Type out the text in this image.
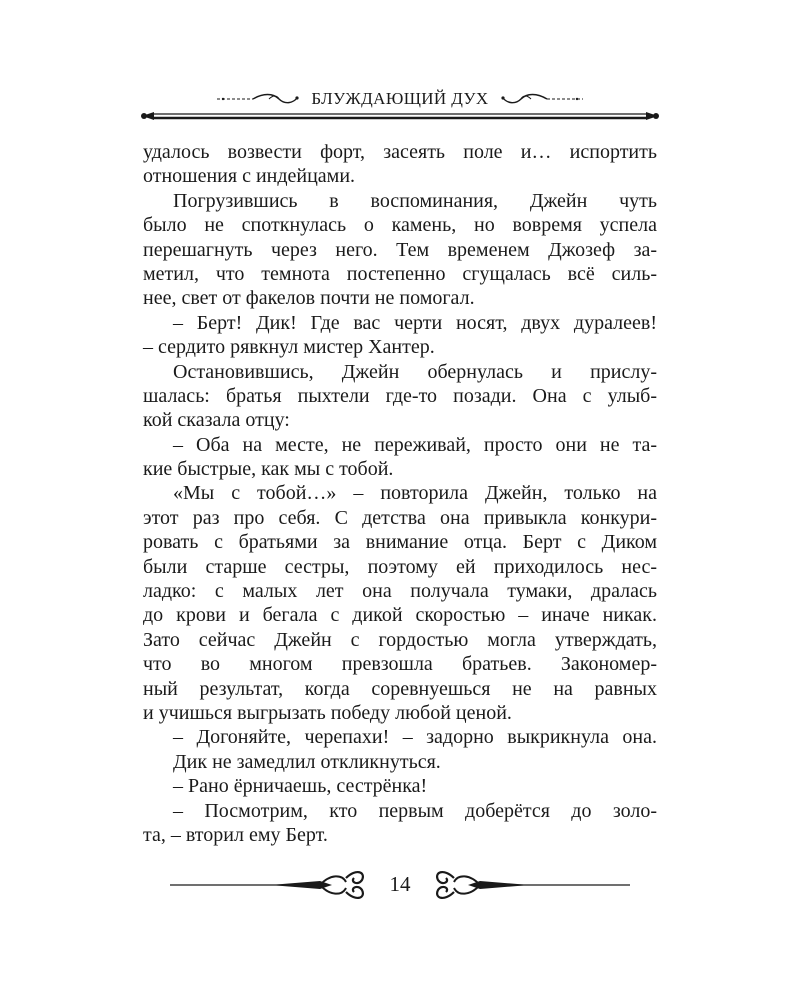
БЛУЖДАЮЩИЙ ДУХ
удалось возвести форт, засеять поле и… испортить
отношения с индейцами.
Погрузившись в воспоминания, Джейн чуть
было не споткнулась о камень, но вовремя успела
перешагнуть через него. Тем временем Джозеф за-
метил, что темнота постепенно сгущалась всё силь-
нее, свет от факелов почти не помогал.
– Берт! Дик! Где вас черти носят, двух дуралеев!
– сердито рявкнул мистер Хантер.
Остановившись, Джейн обернулась и прислу-
шалась: братья пыхтели где-то позади. Она с улыб-
кой сказала отцу:
– Оба на месте, не переживай, просто они не та-
кие быстрые, как мы с тобой.
«Мы с тобой…» – повторила Джейн, только на
этот раз про себя. С детства она привыкла конкури-
ровать с братьями за внимание отца. Берт с Диком
были старше сестры, поэтому ей приходилось нес-
ладко: с малых лет она получала тумаки, дралась
до крови и бегала с дикой скоростью – иначе никак.
Зато сейчас Джейн с гордостью могла утверждать,
что во многом превзошла братьев. Закономер-
ный результат, когда соревнуешься не на равных
и учишься выгрызать победу любой ценой.
– Догоняйте, черепахи! – задорно выкрикнула она.
Дик не замедлил откликнуться.
– Рано ёрничаешь, сестрёнка!
– Посмотрим, кто первым доберётся до золо-
та, – вторил ему Берт.
14
